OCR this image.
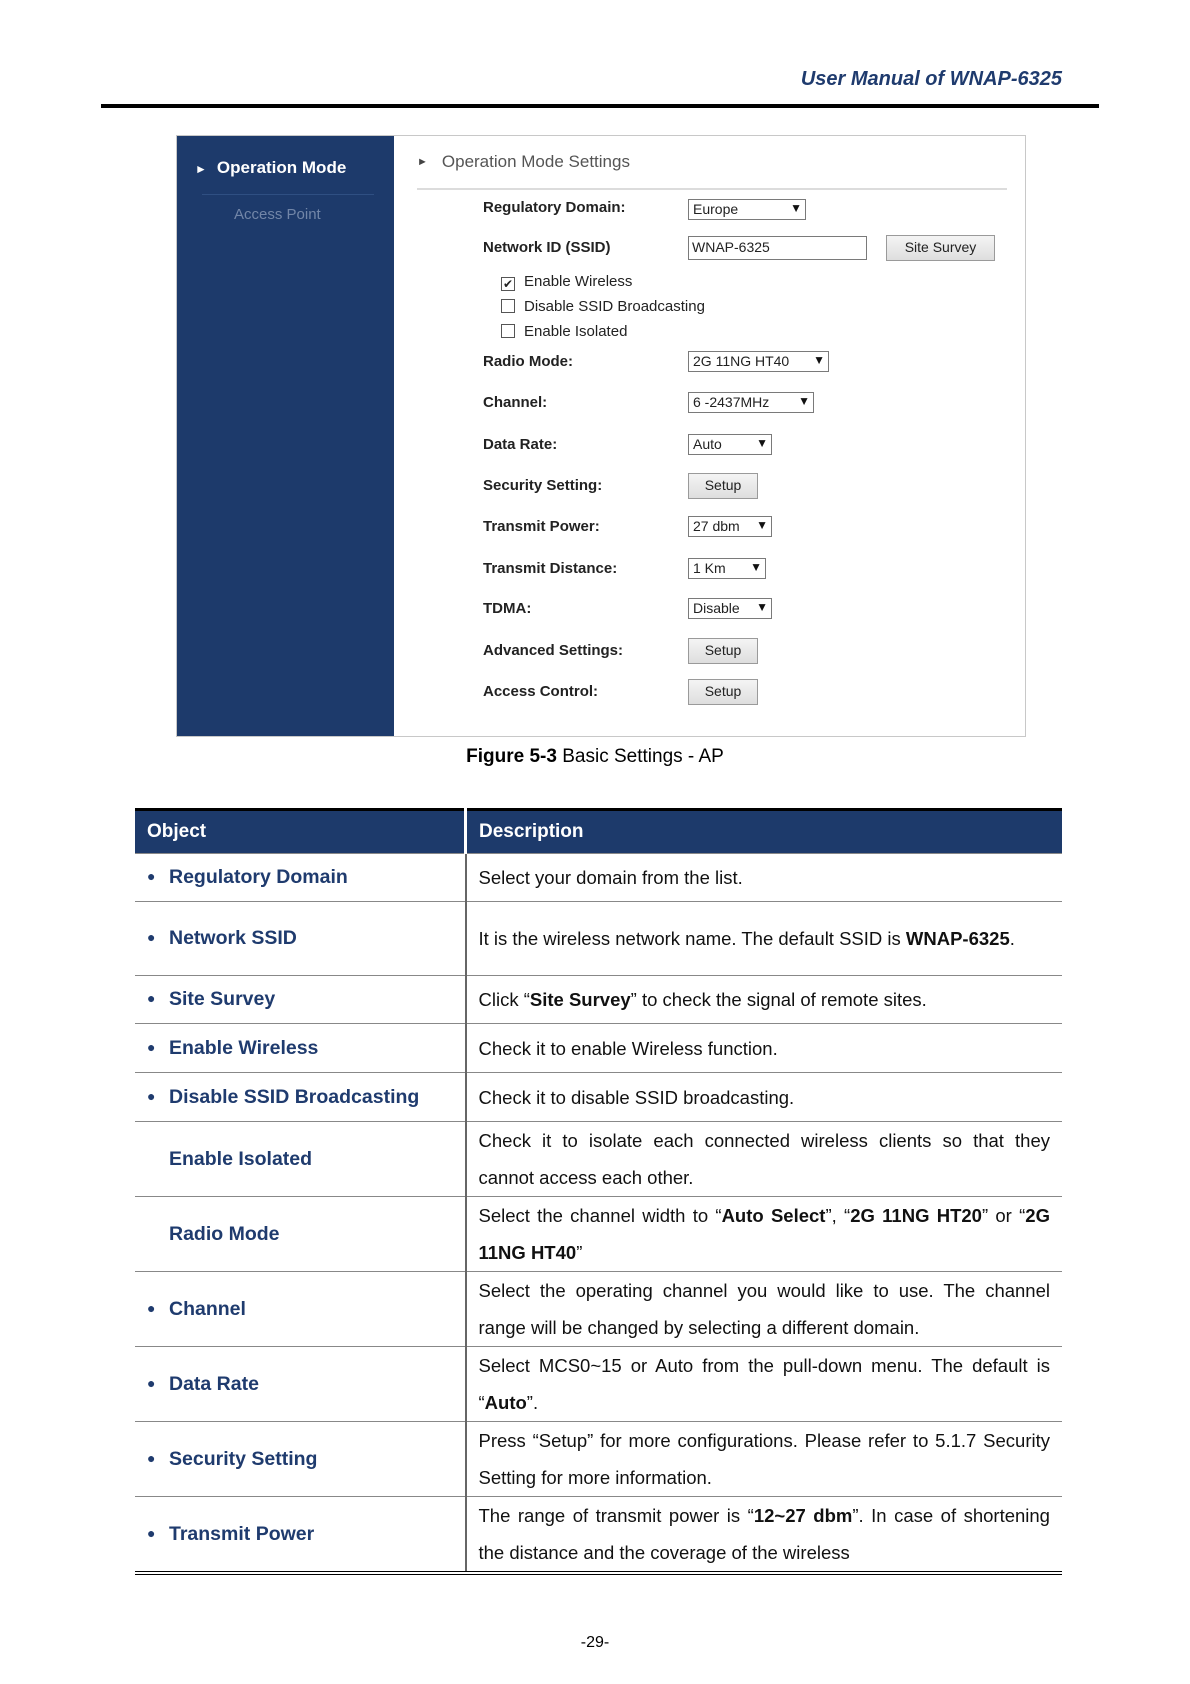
User Manual of WNAP-6325
► Operation Mode
Access Point
► Operation Mode Settings
Regulatory Domain:	Europe	▼
Network ID (SSID)	WNAP-6325	Site Survey
✔ Enable Wireless
Disable SSID Broadcasting
Enable Isolated
Radio Mode:	2G 11NG HT40 ▼
Channel:	6 -2437MHz ▼
Data Rate:	Auto	▼
Security Setting:	Setup
Transmit Power:	27 dbm ▼
Transmit Distance:	1 Km ▼
TDMA:	Disable ▼
Advanced Settings:	Setup
Access Control:	Setup
Figure 5-3 Basic Settings - AP
Object	Description
● Regulatory Domain	Select your domain from the list.
● Network SSID	It is the wireless network name. The default SSID is WNAP-6325.
● Site Survey	Click “Site Survey” to check the signal of remote sites.
● Enable Wireless	Check it to enable Wireless function.
● Disable SSID Broadcasting	Check it to disable SSID broadcasting.
Enable Isolated	Check it to isolate each connected wireless clients so that they cannot access each other.
Radio Mode	Select the channel width to “Auto Select”, “2G 11NG HT20” or “2G 11NG HT40”
● Channel	Select the operating channel you would like to use. The channel range will be changed by selecting a different domain.
● Data Rate	Select MCS0~15 or Auto from the pull-down menu. The default is “Auto”.
● Security Setting	Press “Setup” for more configurations. Please refer to 5.1.7 Security Setting for more information.
● Transmit Power	The range of transmit power is “12~27 dbm”. In case of shortening the distance and the coverage of the wireless
-29-
